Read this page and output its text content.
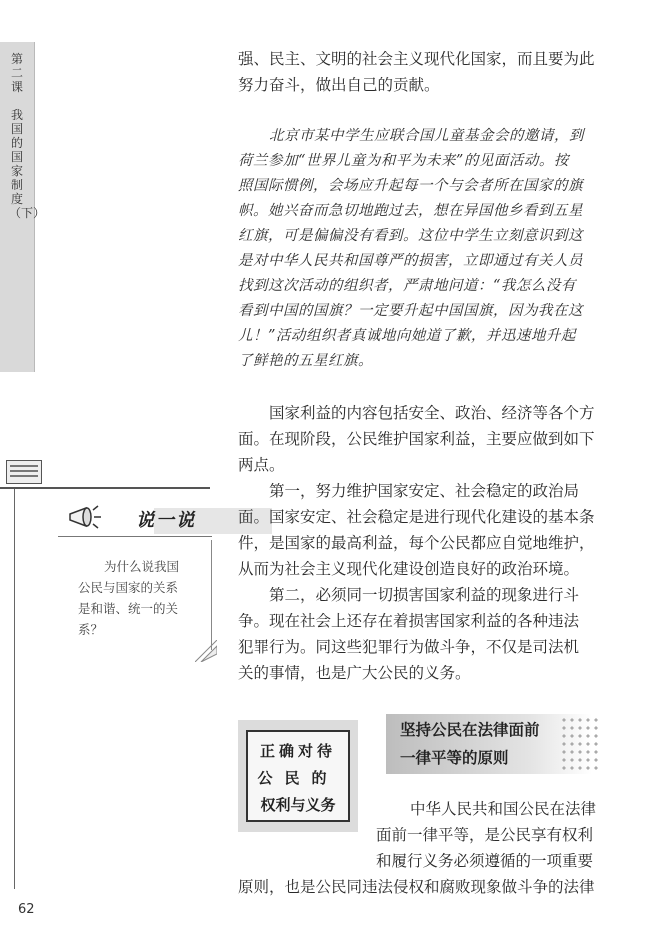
第二课
我国的国家制度（下）
说一说
为什么说我国
公民与国家的关系
是和谐、统一的关
系？
62
强、民主、文明的社会主义现代化国家，而且要为此
努力奋斗，做出自己的贡献。
北京市某中学生应联合国儿童基金会的邀请，到
荷兰参加“世界儿童为和平为未来”的见面活动。按
照国际惯例，会场应升起每一个与会者所在国家的旗
帜。她兴奋而急切地跑过去，想在异国他乡看到五星
红旗，可是偏偏没有看到。这位中学生立刻意识到这
是对中华人民共和国尊严的损害，立即通过有关人员
找到这次活动的组织者，严肃地问道：“我怎么没有
看到中国的国旗？一定要升起中国国旗，因为我在这
儿！”活动组织者真诚地向她道了歉，并迅速地升起
了鲜艳的五星红旗。
国家利益的内容包括安全、政治、经济等各个方
面。在现阶段，公民维护国家利益，主要应做到如下
两点。
第一，努力维护国家安定、社会稳定的政治局
面。国家安定、社会稳定是进行现代化建设的基本条
件，是国家的最高利益，每个公民都应自觉地维护，
从而为社会主义现代化建设创造良好的政治环境。
第二，必须同一切损害国家利益的现象进行斗
争。现在社会上还存在着损害国家利益的各种违法
犯罪行为。同这些犯罪行为做斗争，不仅是司法机
关的事情，也是广大公民的义务。
正确对待
公民的
权利与义务
坚持公民在法律面前
一律平等的原则
中华人民共和国公民在法律
面前一律平等，是公民享有权利
和履行义务必须遵循的一项重要
原则，也是公民同违法侵权和腐败现象做斗争的法律
